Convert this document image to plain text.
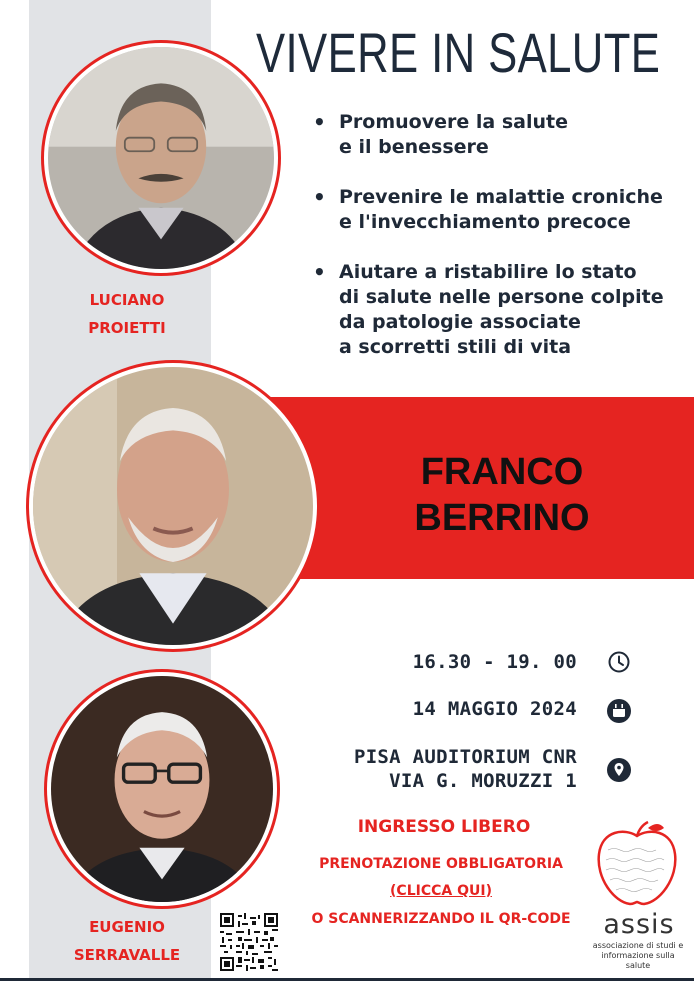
LUCIANO
PROIETTI
EUGENIO
SERRAVALLE
VIVERE IN SALUTE
• Promuovere la salute
e il benessere
• Prevenire le malattie croniche
e l'invecchiamento precoce
• Aiutare a ristabilire lo stato
di salute nelle persone colpite
da patologie associate
a scorretti stili di vita
FRANCO
BERRINO
16.30 - 19. 00
14 MAGGIO 2024
PISA AUDITORIUM CNR
VIA G. MORUZZI 1
INGRESSO LIBERO
PRENOTAZIONE OBBLIGATORIA
(CLICCA QUI)
O SCANNERIZZANDO IL QR-CODE	assis
associazione di studi e
informazione sulla salute
